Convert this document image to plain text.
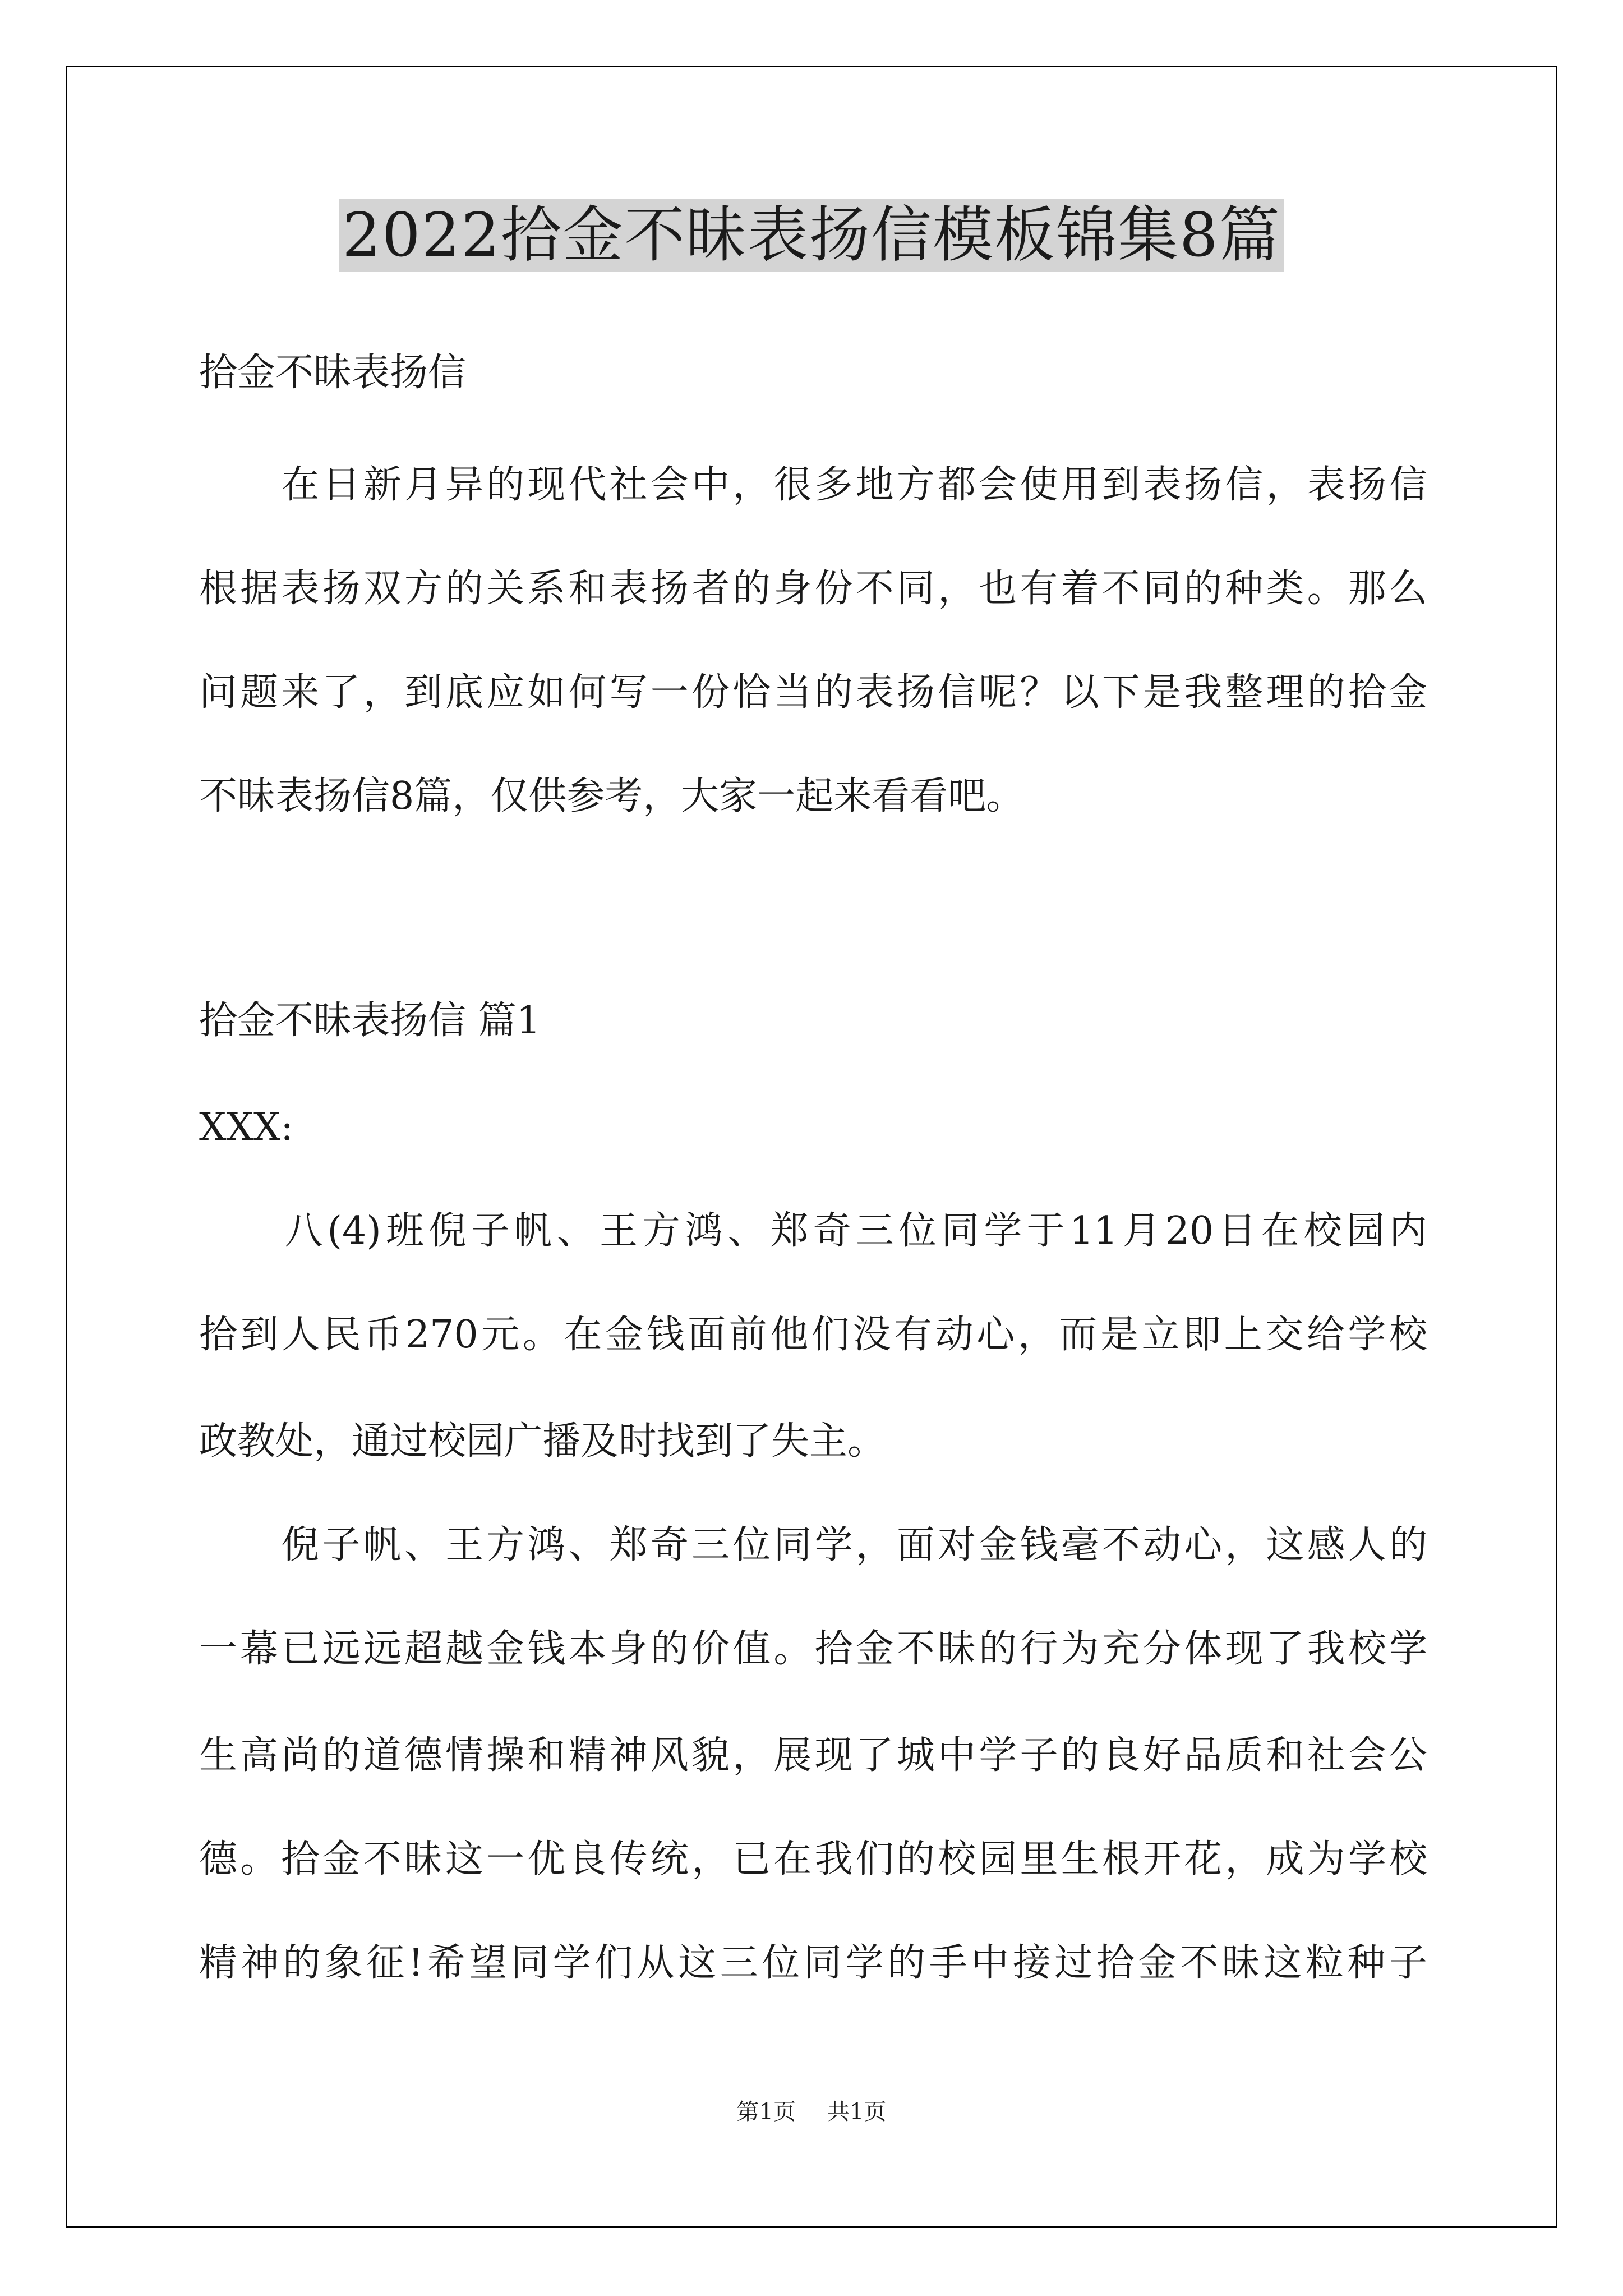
2022拾金不昧表扬信模板锦集8篇
拾金不昧表扬信
　　在日新月异的现代社会中，很多地方都会使用到表扬信，表扬信
根据表扬双方的关系和表扬者的身份不同，也有着不同的种类。那么
问题来了，到底应如何写一份恰当的表扬信呢？以下是我整理的拾金
不昧表扬信8篇，仅供参考，大家一起来看看吧。
拾金不昧表扬信 篇1
XXX:
　　八(4)班倪子帆、王方鸿、郑奇三位同学于11月20日在校园内
拾到人民币270元。在金钱面前他们没有动心，而是立即上交给学校
政教处，通过校园广播及时找到了失主。
　　倪子帆、王方鸿、郑奇三位同学，面对金钱毫不动心，这感人的
一幕已远远超越金钱本身的价值。拾金不昧的行为充分体现了我校学
生高尚的道德情操和精神风貌，展现了城中学子的良好品质和社会公
德。拾金不昧这一优良传统，已在我们的校园里生根开花，成为学校
精神的象征!希望同学们从这三位同学的手中接过拾金不昧这粒种子
第1页 共1页
